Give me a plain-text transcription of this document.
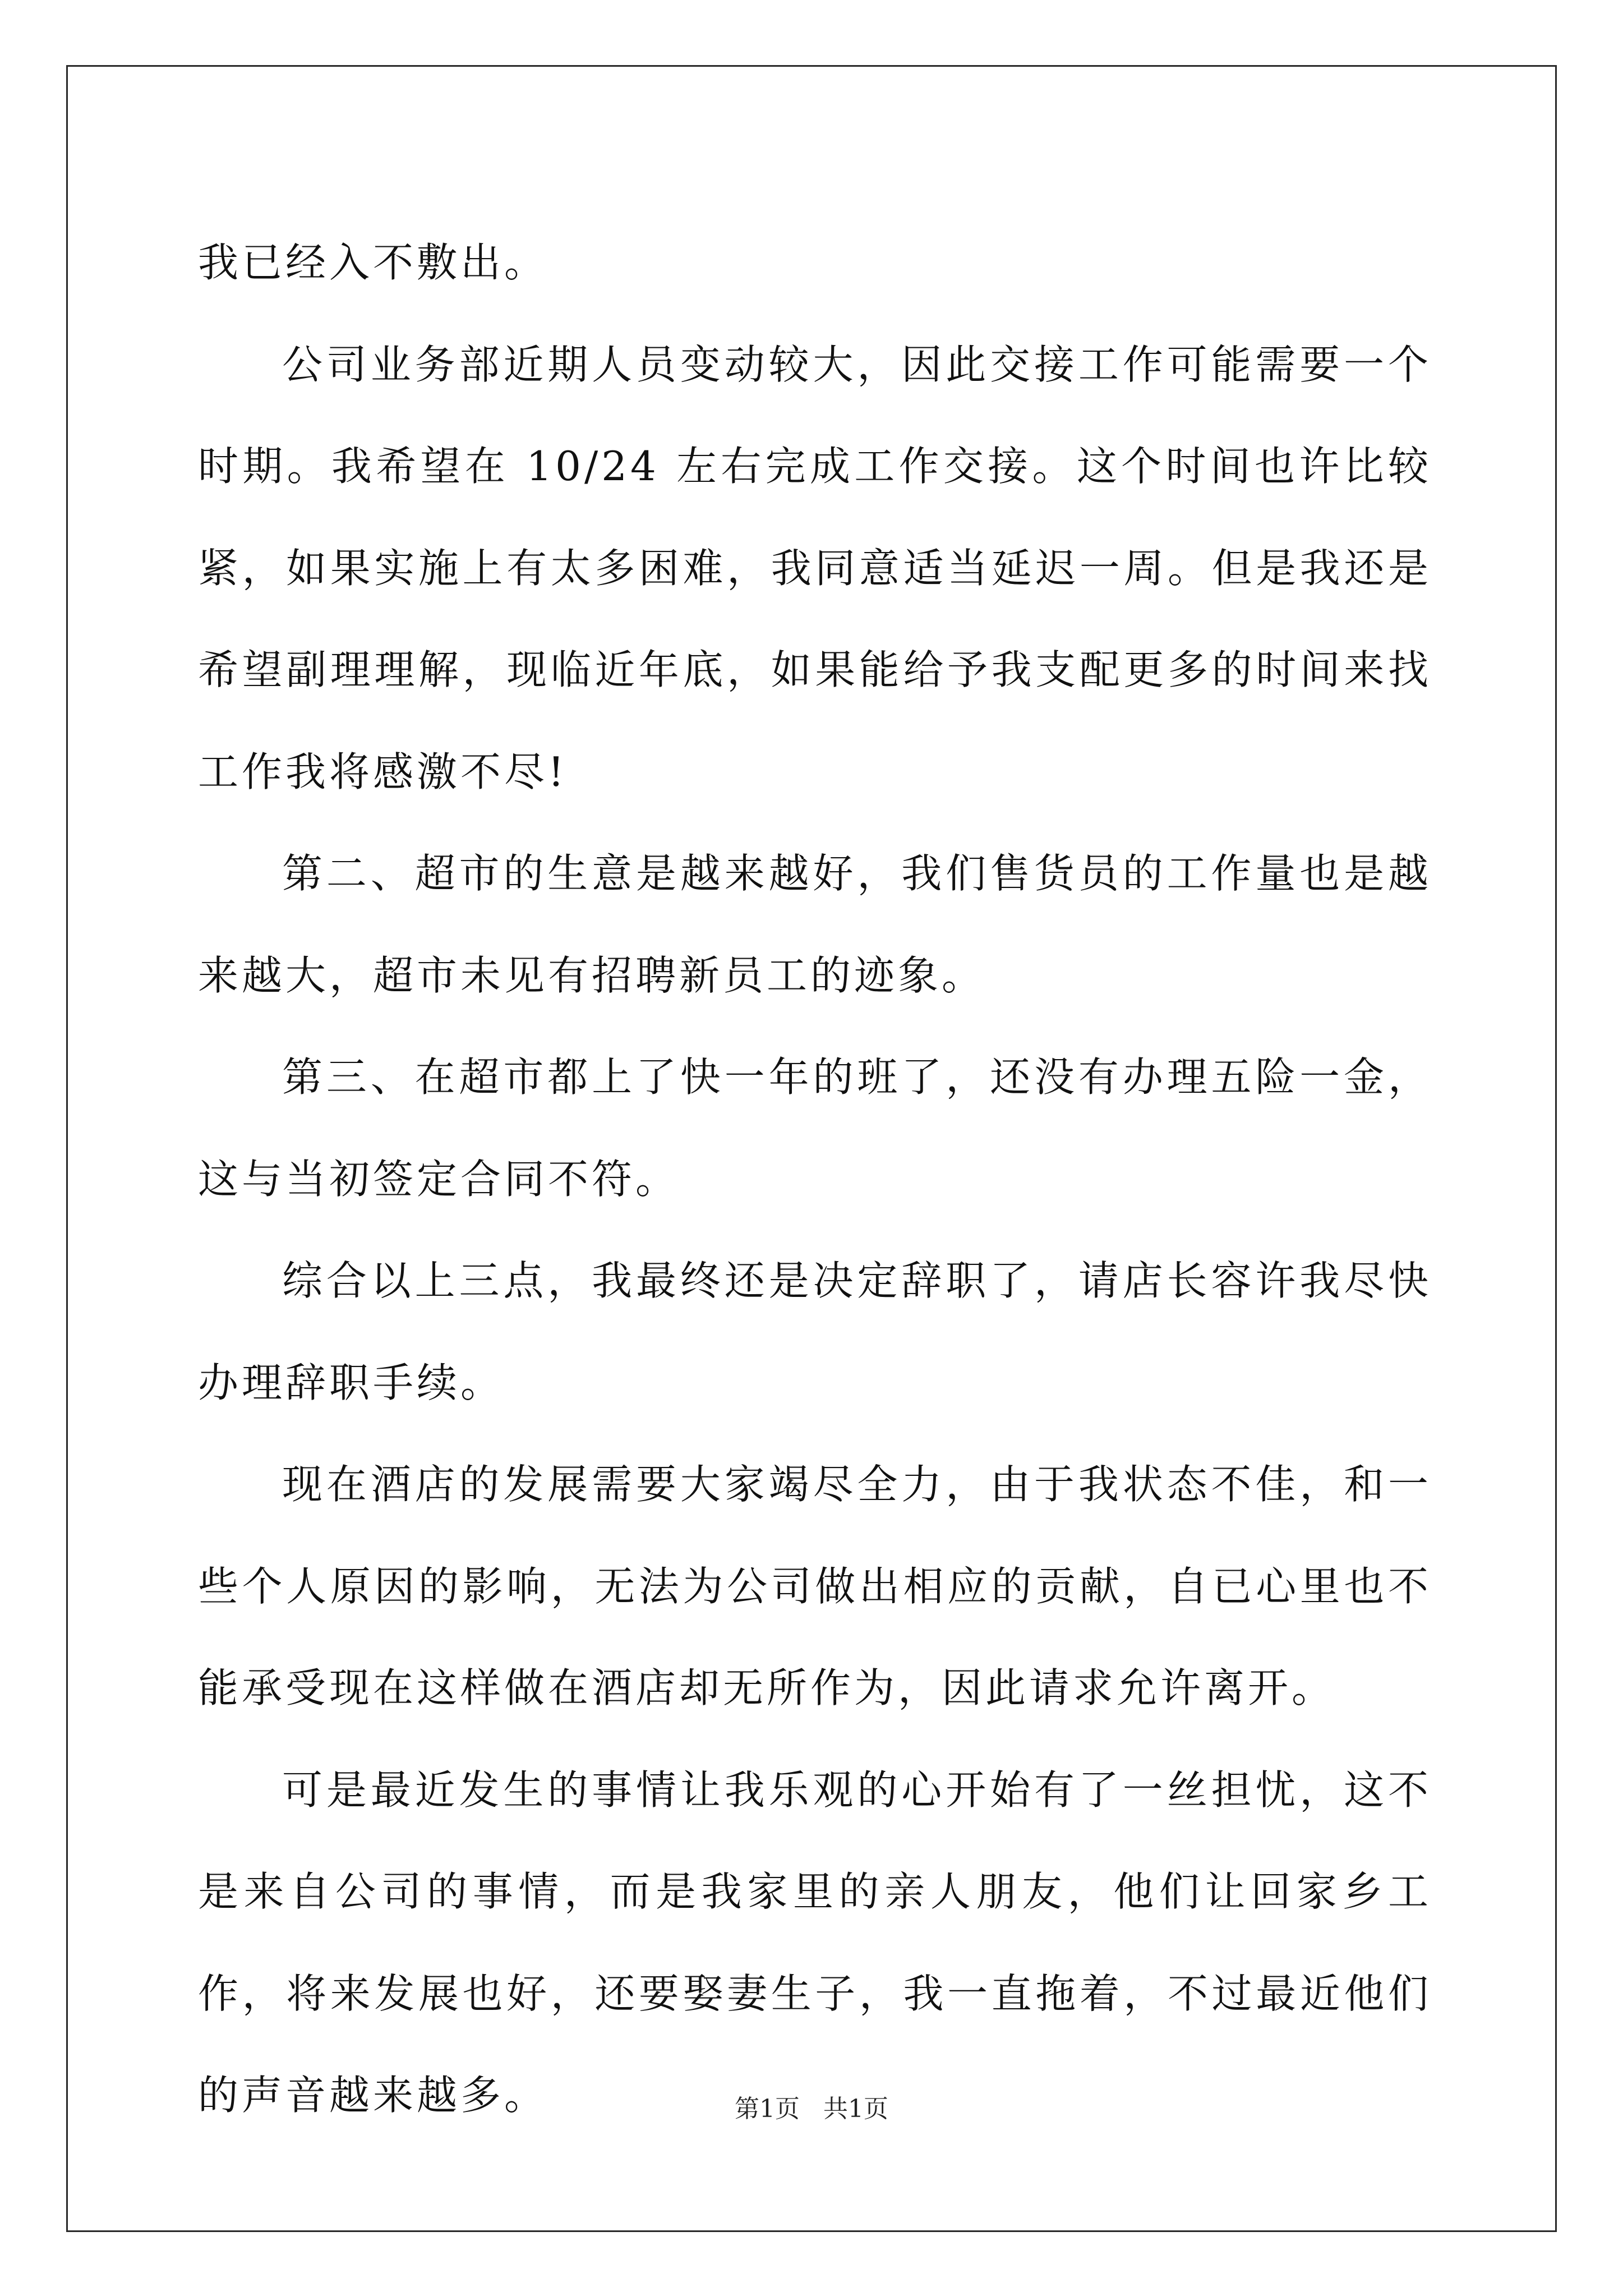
我已经入不敷出。

公司业务部近期人员变动较大，因此交接工作可能需要一个时期。我希望在 10/24 左右完成工作交接。这个时间也许比较紧，如果实施上有太多困难，我同意适当延迟一周。但是我还是希望副理理解，现临近年底，如果能给予我支配更多的时间来找工作我将感激不尽!

第二、超市的生意是越来越好，我们售货员的工作量也是越来越大，超市未见有招聘新员工的迹象。

第三、在超市都上了快一年的班了，还没有办理五险一金，这与当初签定合同不符。

综合以上三点，我最终还是决定辞职了，请店长容许我尽快办理辞职手续。

现在酒店的发展需要大家竭尽全力，由于我状态不佳，和一些个人原因的影响，无法为公司做出相应的贡献，自已心里也不能承受现在这样做在酒店却无所作为，因此请求允许离开。

可是最近发生的事情让我乐观的心开始有了一丝担忧，这不是来自公司的事情，而是我家里的亲人朋友，他们让回家乡工作，将来发展也好，还要娶妻生子，我一直拖着，不过最近他们的声音越来越多。	第1页   共1页
